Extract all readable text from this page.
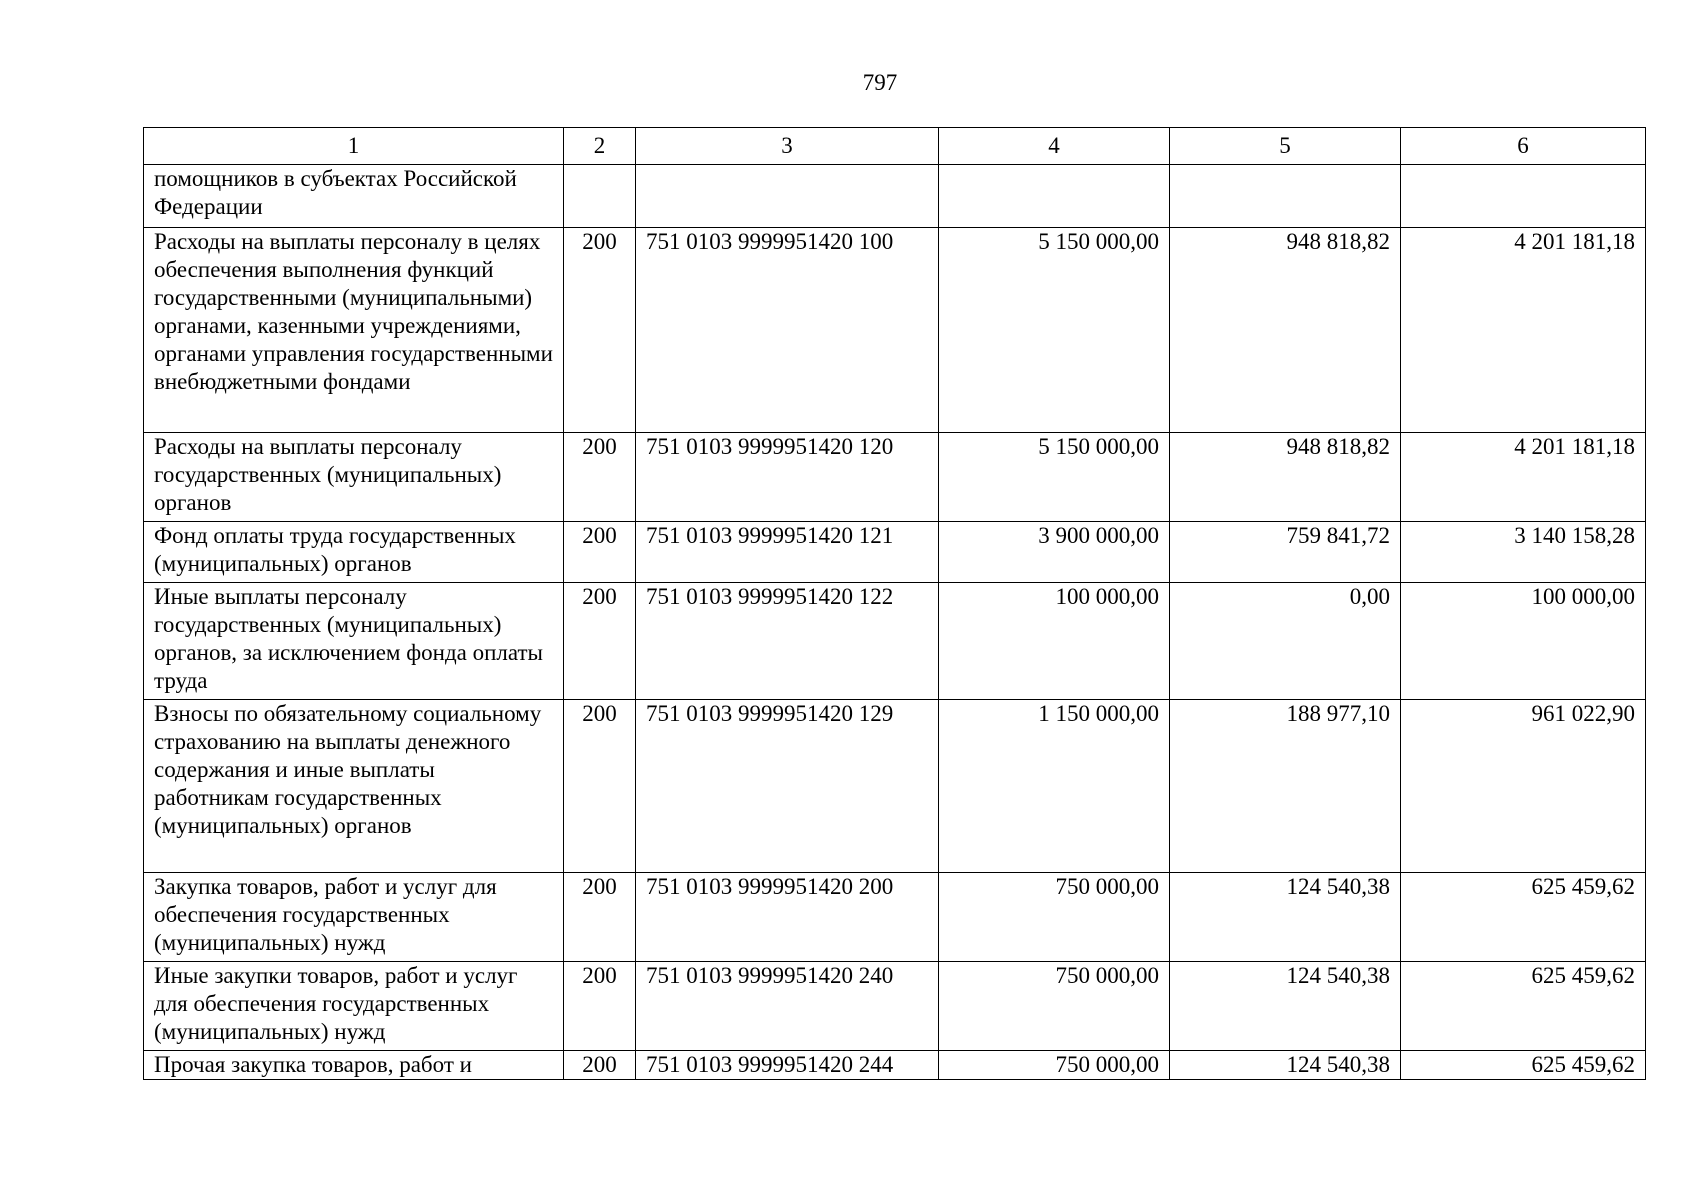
797
1	2	3	4	5	6
помощников в субъектах Российской Федерации					
Расходы на выплаты персоналу в целях обеспечения выполнения функций государственными (муниципальными) органами, казенными учреждениями, органами управления государственными внебюджетными фондами	200	751 0103 9999951420 100	5 150 000,00	948 818,82	4 201 181,18
Расходы на выплаты персоналу государственных (муниципальных) органов	200	751 0103 9999951420 120	5 150 000,00	948 818,82	4 201 181,18
Фонд оплаты труда государственных (муниципальных) органов	200	751 0103 9999951420 121	3 900 000,00	759 841,72	3 140 158,28
Иные выплаты персоналу государственных (муниципальных) органов, за исключением фонда оплаты труда	200	751 0103 9999951420 122	100 000,00	0,00	100 000,00
Взносы по обязательному социальному страхованию на выплаты денежного содержания и иные выплаты работникам государственных (муниципальных) органов	200	751 0103 9999951420 129	1 150 000,00	188 977,10	961 022,90
Закупка товаров, работ и услуг для обеспечения государственных (муниципальных) нужд	200	751 0103 9999951420 200	750 000,00	124 540,38	625 459,62
Иные закупки товаров, работ и услуг для обеспечения государственных (муниципальных) нужд	200	751 0103 9999951420 240	750 000,00	124 540,38	625 459,62
Прочая закупка товаров, работ и	200	751 0103 9999951420 244	750 000,00	124 540,38	625 459,62
